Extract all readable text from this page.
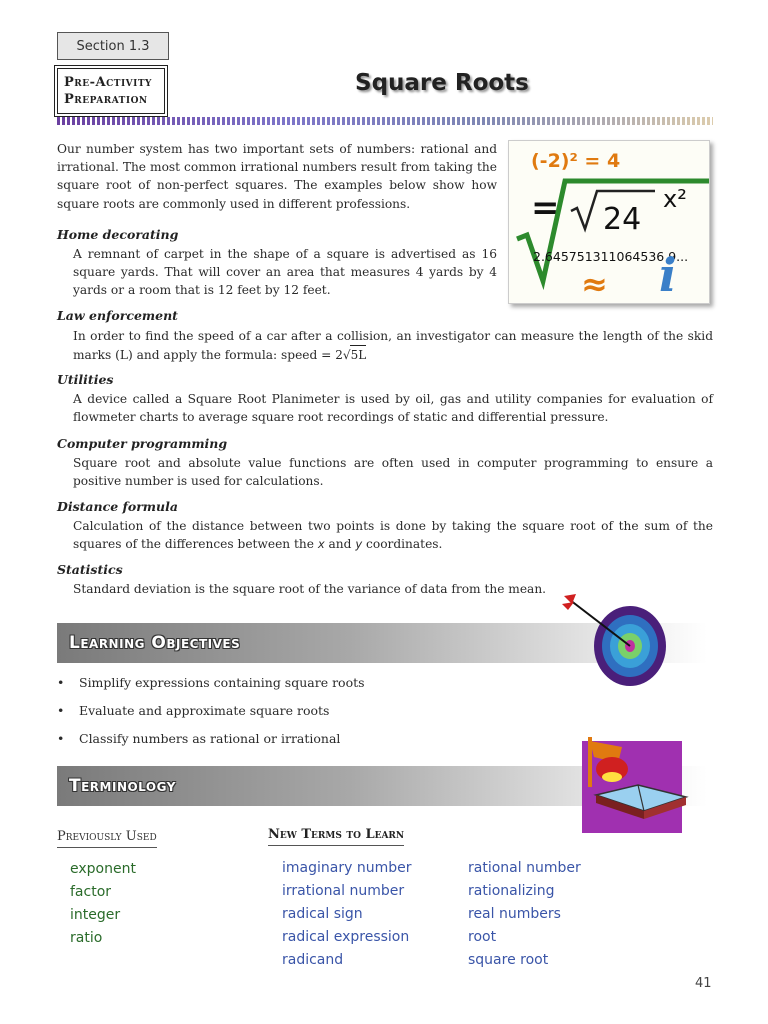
Section 1.3
Pre-Activity
Preparation
Square Roots

Our number system has two important sets of numbers: rational and irrational. The most common irrational numbers result from taking the square root of non-perfect squares. The examples below show how square roots are commonly used in different professions.

(-2)² = 4
= 24
x²
2.645751311064536 9...
≈ i
Home decorating

A remnant of carpet in the shape of a square is advertised as 16 square yards. That will cover an area that measures 4 yards by 4 yards or a room that is 12 feet by 12 feet.

Law enforcement

In order to find the speed of a car after a collision, an investigator can measure the length of the skid marks (L) and apply the formula: speed = 2√5L

Utilities

A device called a Square Root Planimeter is used by oil, gas and utility companies for evaluation of flowmeter charts to average square root recordings of static and differential pressure.

Computer programming

Square root and absolute value functions are often used in computer programming to ensure a positive number is used for calculations.

Distance formula

Calculation of the distance between two points is done by taking the square root of the sum of the squares of the differences between the x and y coordinates.

Statistics

Standard deviation is the square root of the variance of data from the mean.

Learning Objectives
• Simplify expressions containing square roots
• Evaluate and approximate square roots
• Classify numbers as rational or irrational
Terminology
Previously Used	New Terms to Learn
exponent
factor
integer
ratio
imaginary number
irrational number
radical sign
radical expression
radicand
rational number
rationalizing
real numbers
root
square root
41
